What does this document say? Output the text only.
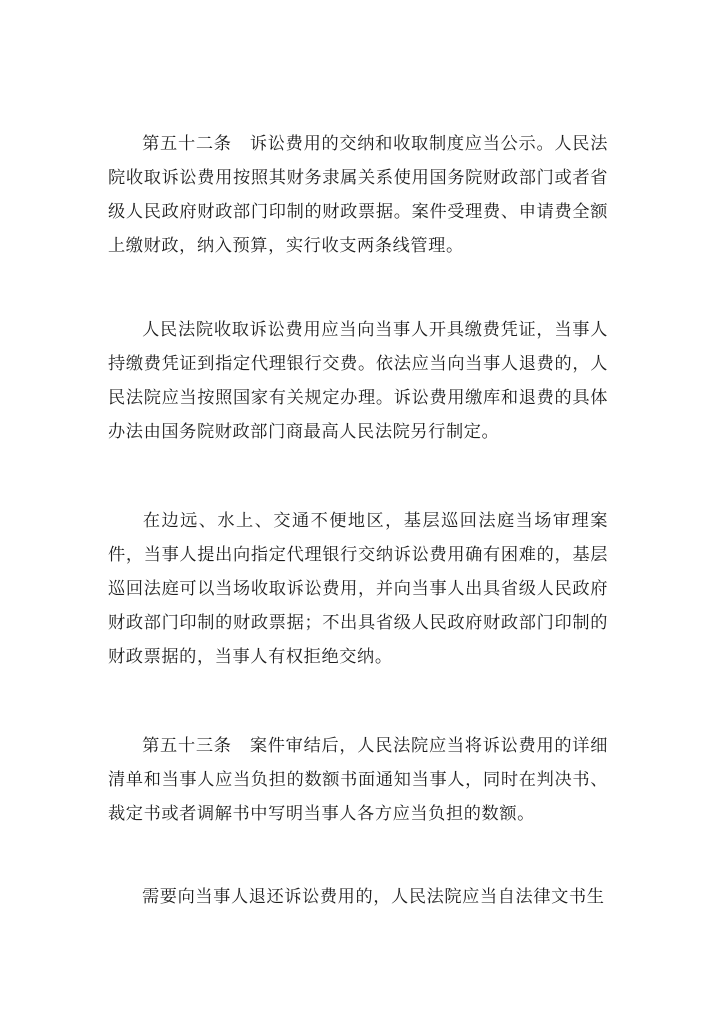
第五十二条 诉讼费用的交纳和收取制度应当公示。人民法院收取诉讼费用按照其财务隶属关系使用国务院财政部门或者省级人民政府财政部门印制的财政票据。案件受理费、申请费全额上缴财政，纳入预算，实行收支两条线管理。

人民法院收取诉讼费用应当向当事人开具缴费凭证，当事人持缴费凭证到指定代理银行交费。依法应当向当事人退费的，人民法院应当按照国家有关规定办理。诉讼费用缴库和退费的具体办法由国务院财政部门商最高人民法院另行制定。

在边远、水上、交通不便地区，基层巡回法庭当场审理案件，当事人提出向指定代理银行交纳诉讼费用确有困难的，基层巡回法庭可以当场收取诉讼费用，并向当事人出具省级人民政府财政部门印制的财政票据；不出具省级人民政府财政部门印制的财政票据的，当事人有权拒绝交纳。

第五十三条 案件审结后，人民法院应当将诉讼费用的详细清单和当事人应当负担的数额书面通知当事人，同时在判决书、裁定书或者调解书中写明当事人各方应当负担的数额。

需要向当事人退还诉讼费用的，人民法院应当自法律文书生
